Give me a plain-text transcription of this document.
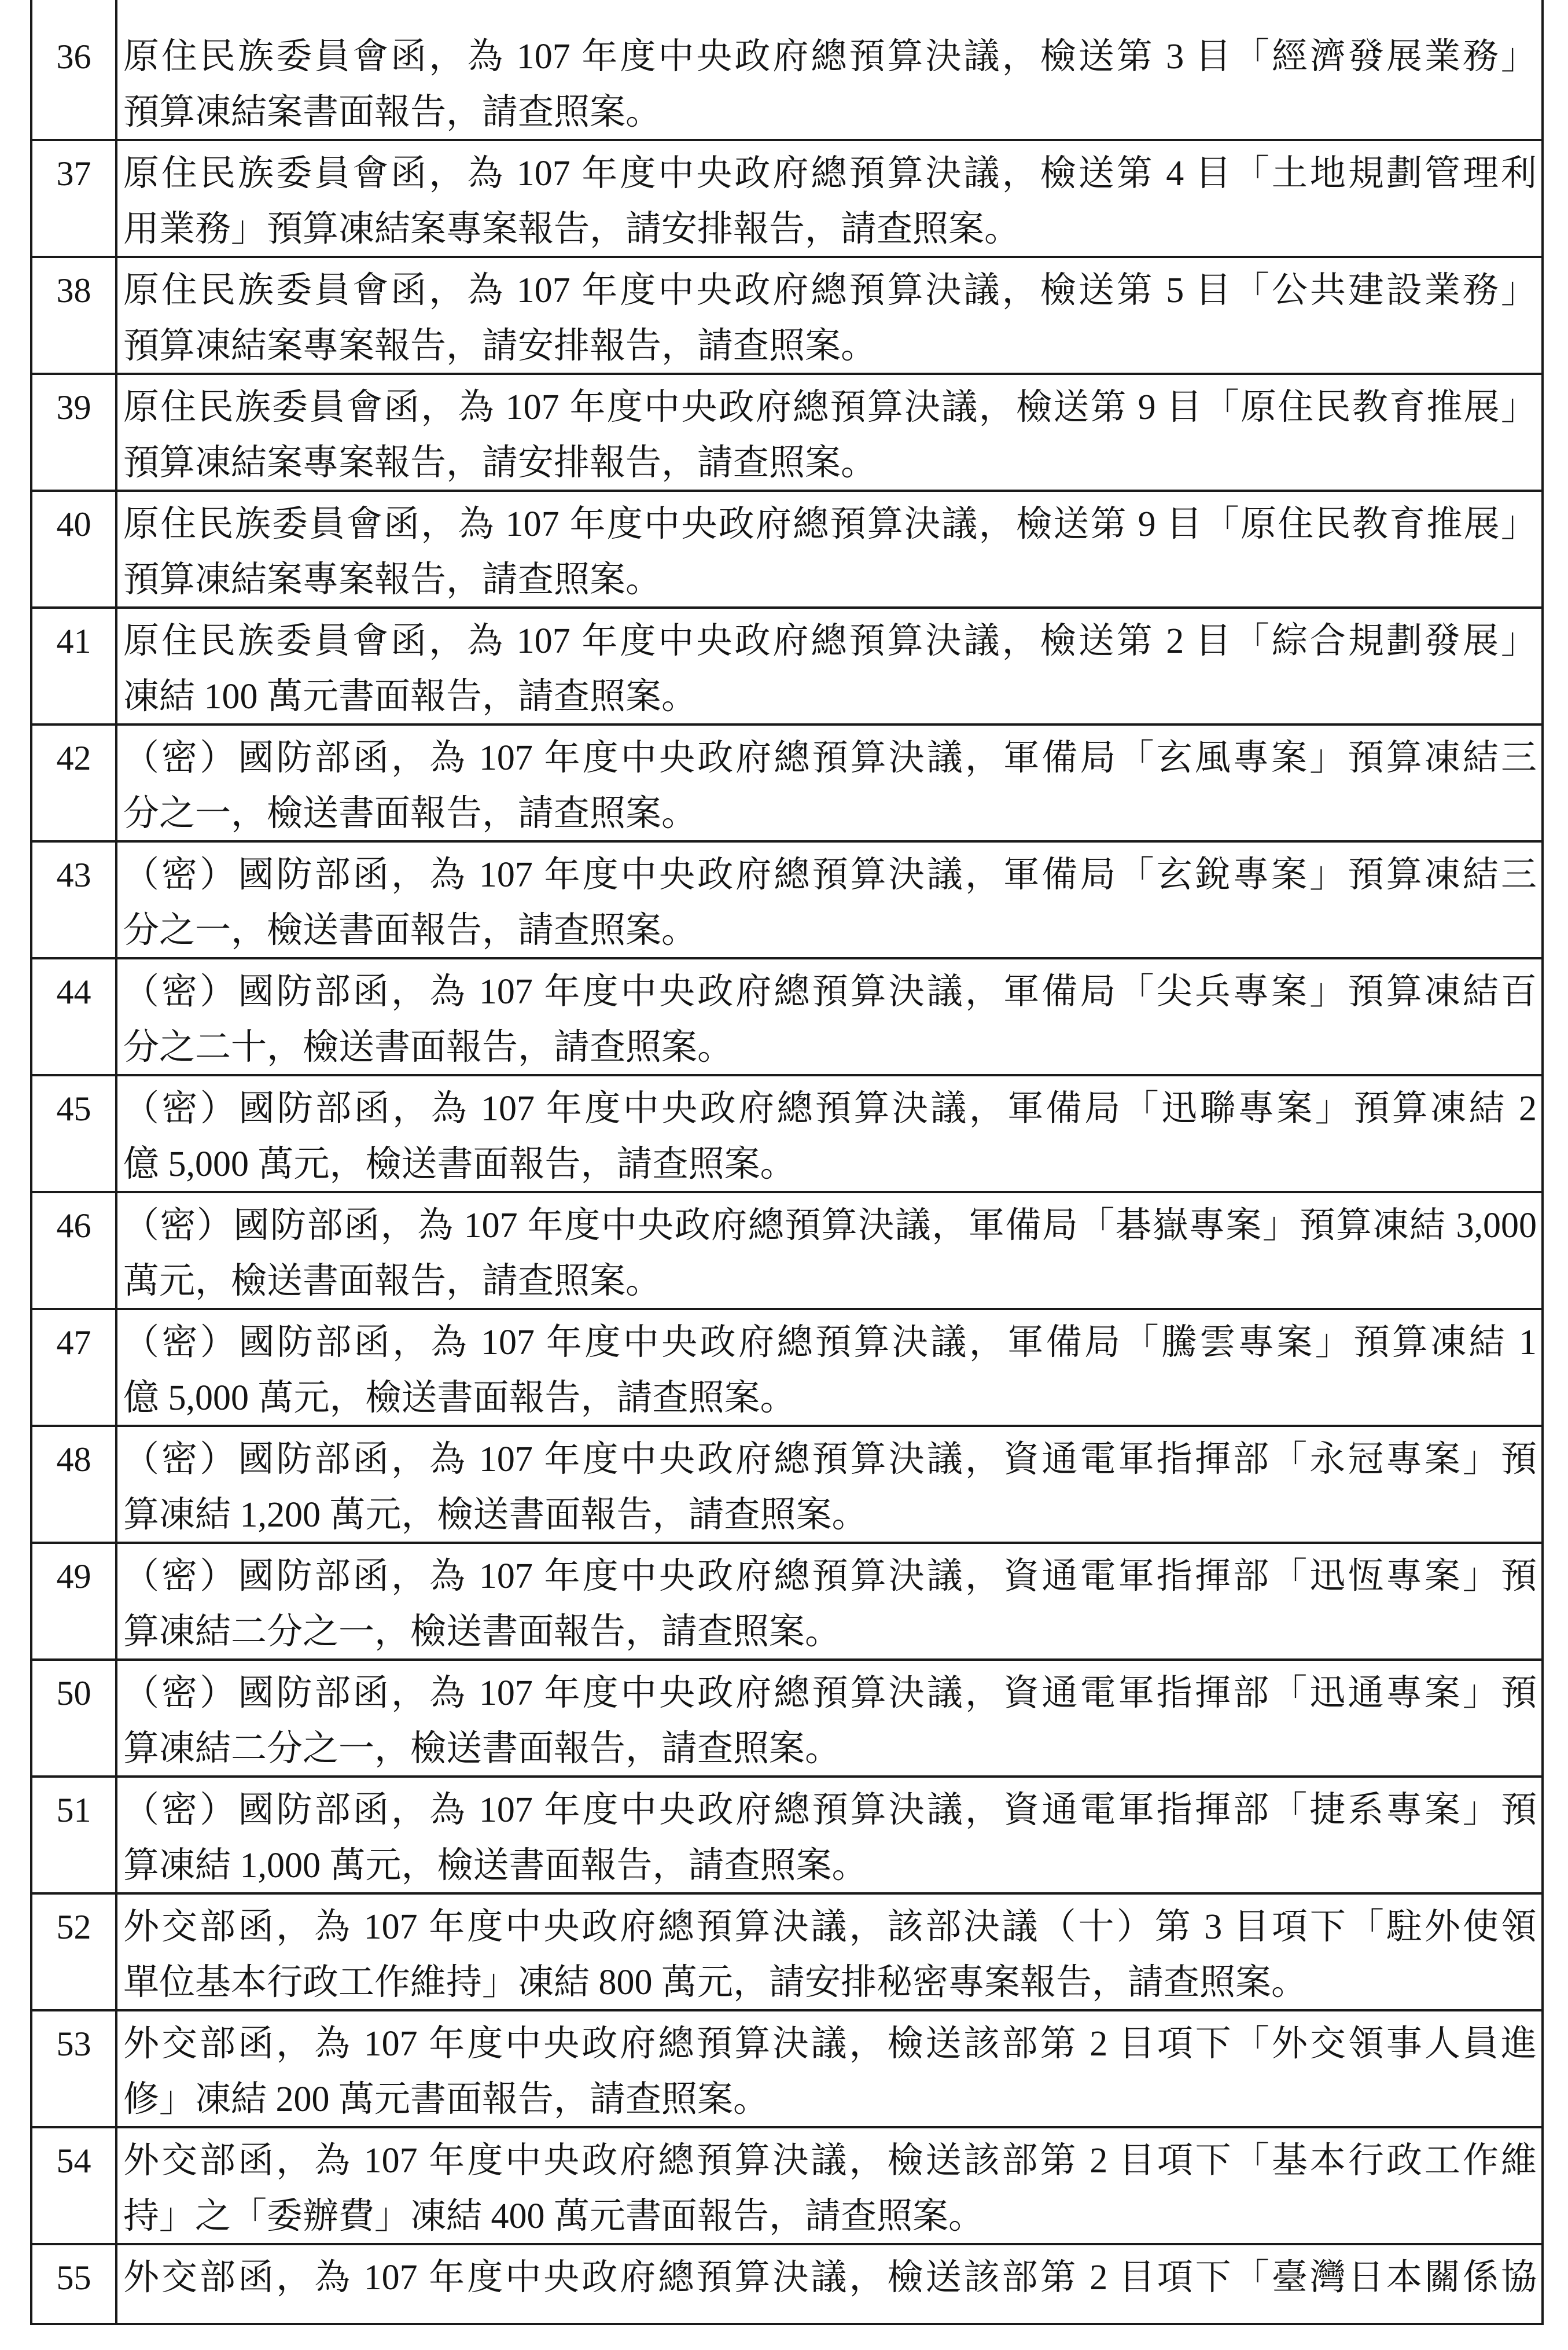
36 原住民族委員會函，為 107 年度中央政府總預算決議，檢送第 3 目「經濟發展業務」
預算凍結案書面報告，請查照案。
37 原住民族委員會函，為 107 年度中央政府總預算決議，檢送第 4 目「土地規劃管理利
用業務」預算凍結案專案報告，請安排報告，請查照案。
38 原住民族委員會函，為 107 年度中央政府總預算決議，檢送第 5 目「公共建設業務」
預算凍結案專案報告，請安排報告，請查照案。
39 原住民族委員會函，為 107 年度中央政府總預算決議，檢送第 9 目「原住民教育推展」
預算凍結案專案報告，請安排報告，請查照案。
40 原住民族委員會函，為 107 年度中央政府總預算決議，檢送第 9 目「原住民教育推展」
預算凍結案專案報告，請查照案。
41 原住民族委員會函，為 107 年度中央政府總預算決議，檢送第 2 目「綜合規劃發展」
凍結 100 萬元書面報告，請查照案。
42 （密）國防部函，為 107 年度中央政府總預算決議，軍備局「玄風專案」預算凍結三
分之一，檢送書面報告，請查照案。
43 （密）國防部函，為 107 年度中央政府總預算決議，軍備局「玄銳專案」預算凍結三
分之一，檢送書面報告，請查照案。
44 （密）國防部函，為 107 年度中央政府總預算決議，軍備局「尖兵專案」預算凍結百
分之二十，檢送書面報告，請查照案。
45 （密）國防部函，為 107 年度中央政府總預算決議，軍備局「迅聯專案」預算凍結 2
億 5,000 萬元，檢送書面報告，請查照案。
46 （密）國防部函，為 107 年度中央政府總預算決議，軍備局「碁嶽專案」預算凍結 3,000
萬元，檢送書面報告，請查照案。
47 （密）國防部函，為 107 年度中央政府總預算決議，軍備局「騰雲專案」預算凍結 1
億 5,000 萬元，檢送書面報告，請查照案。
48 （密）國防部函，為 107 年度中央政府總預算決議，資通電軍指揮部「永冠專案」預
算凍結 1,200 萬元，檢送書面報告，請查照案。
49 （密）國防部函，為 107 年度中央政府總預算決議，資通電軍指揮部「迅恆專案」預
算凍結二分之一，檢送書面報告，請查照案。
50 （密）國防部函，為 107 年度中央政府總預算決議，資通電軍指揮部「迅通專案」預
算凍結二分之一，檢送書面報告，請查照案。
51 （密）國防部函，為 107 年度中央政府總預算決議，資通電軍指揮部「捷系專案」預
算凍結 1,000 萬元，檢送書面報告，請查照案。
52 外交部函，為 107 年度中央政府總預算決議，該部決議（十）第 3 目項下「駐外使領
單位基本行政工作維持」凍結 800 萬元，請安排秘密專案報告，請查照案。
53 外交部函，為 107 年度中央政府總預算決議，檢送該部第 2 目項下「外交領事人員進
修」凍結 200 萬元書面報告，請查照案。
54 外交部函，為 107 年度中央政府總預算決議，檢送該部第 2 目項下「基本行政工作維
持」之「委辦費」凍結 400 萬元書面報告，請查照案。
55 外交部函，為 107 年度中央政府總預算決議，檢送該部第 2 目項下「臺灣日本關係協
